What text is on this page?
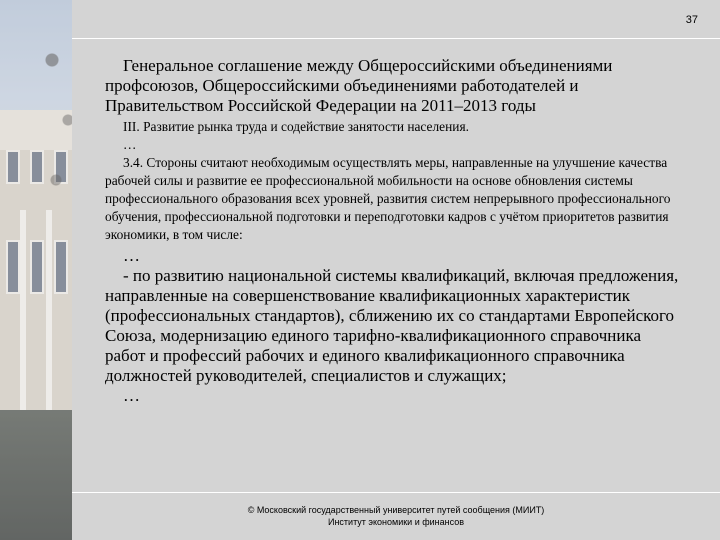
37

Генеральное соглашение между Общероссийскими объединениями профсоюзов, Общероссийскими объединениями работодателей и Правительством Российской Федерации на 2011–2013 годы

III. Развитие рынка труда и содействие занятости населения.

…

3.4. Стороны считают необходимым осуществлять меры, направленные на улучшение качества рабочей силы и развитие ее профессиональной мобильности на основе обновления системы профессионального образования всех уровней, развития систем непрерывного профессионального обучения, профессиональной подготовки и переподготовки кадров с учётом приоритетов развития экономики, в том числе:

…

- по развитию национальной системы квалификаций, включая предложения, направленные на совершенствование квалификационных характеристик (профессиональных стандартов), сближению их со стандартами Европейского Союза, модернизацию единого тарифно-квалификационного справочника работ и профессий рабочих и единого квалификационного справочника должностей руководителей, специалистов и служащих;

…

© Московский государственный университет путей сообщения (МИИТ)
Институт экономики и финансов
